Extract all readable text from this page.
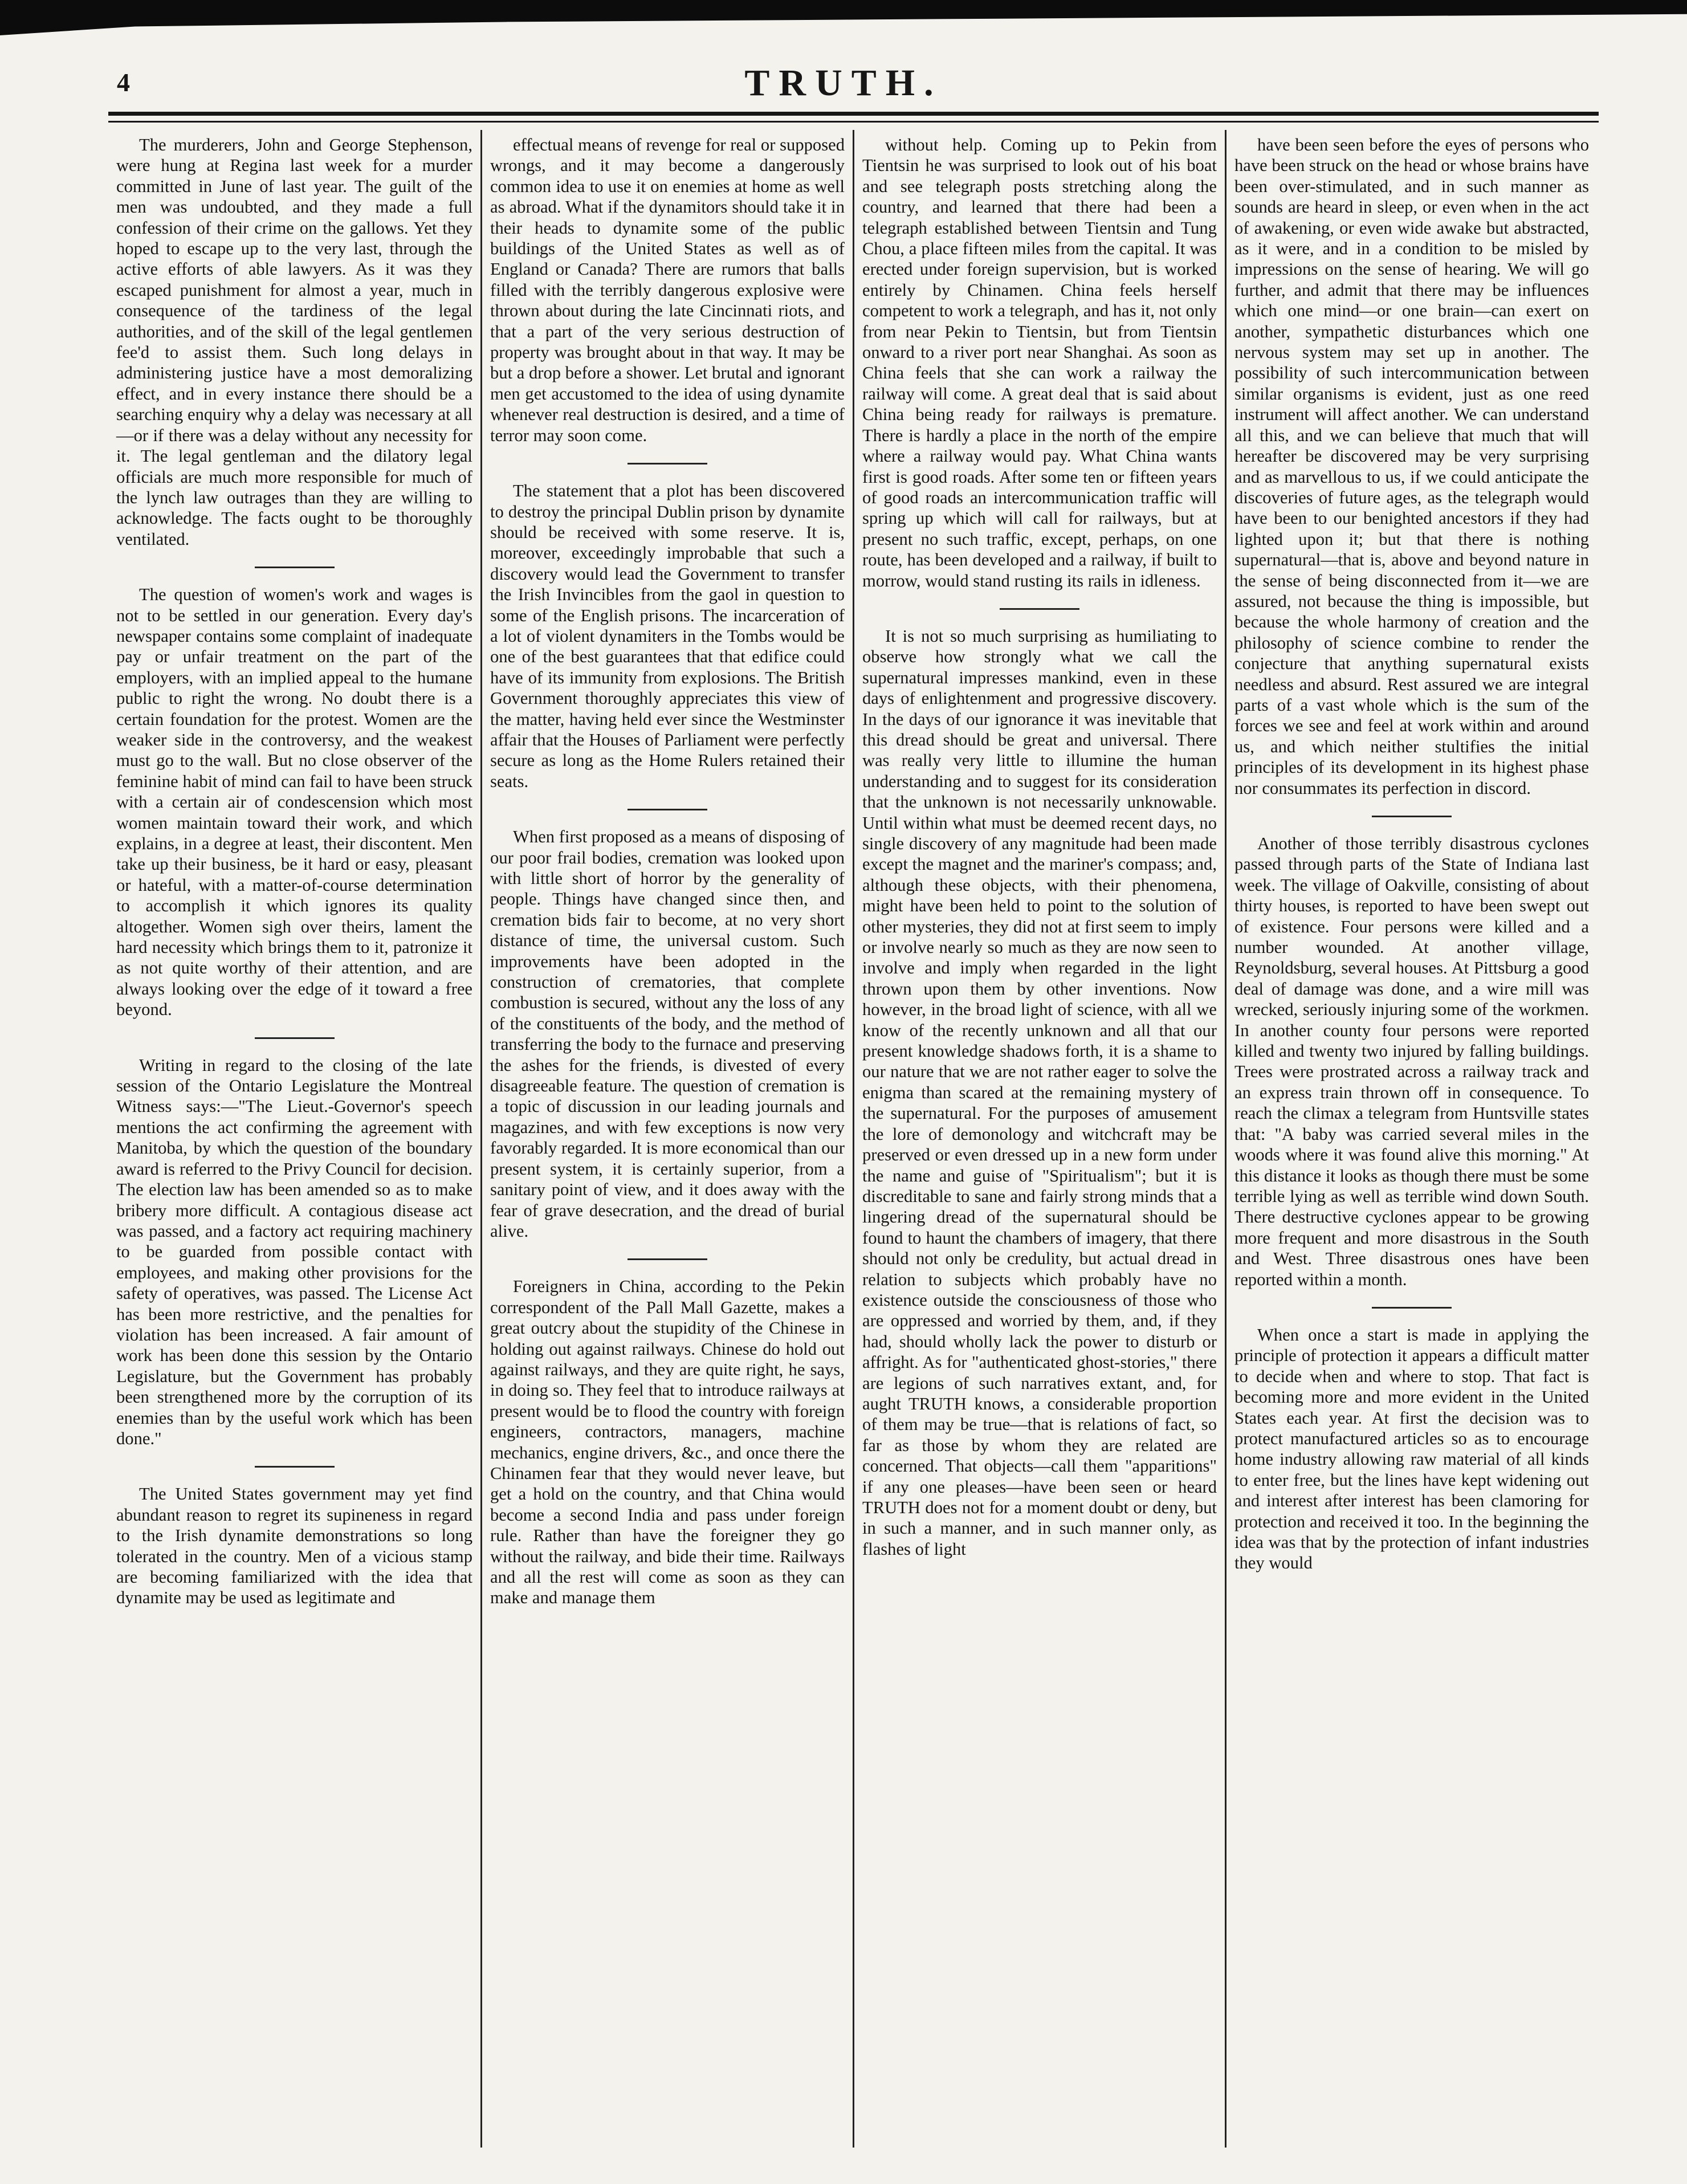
4	TRUTH.

The murderers, John and George Stephenson, were hung at Regina last week for a murder committed in June of last year. The guilt of the men was undoubted, and they made a full confession of their crime on the gallows. Yet they hoped to escape up to the very last, through the active efforts of able lawyers. As it was they escaped punishment for almost a year, much in consequence of the tardiness of the legal authorities, and of the skill of the legal gentlemen fee'd to assist them. Such long delays in administering justice have a most demoralizing effect, and in every instance there should be a searching enquiry why a delay was necessary at all—or if there was a delay without any necessity for it. The legal gentleman and the dilatory legal officials are much more responsible for much of the lynch law outrages than they are willing to acknowledge. The facts ought to be thoroughly ventilated.

The question of women's work and wages is not to be settled in our generation. Every day's newspaper contains some complaint of inadequate pay or unfair treatment on the part of the employers, with an implied appeal to the humane public to right the wrong. No doubt there is a certain foundation for the protest. Women are the weaker side in the controversy, and the weakest must go to the wall. But no close observer of the feminine habit of mind can fail to have been struck with a certain air of condescension which most women maintain toward their work, and which explains, in a degree at least, their discontent. Men take up their business, be it hard or easy, pleasant or hateful, with a matter-of-course determination to accomplish it which ignores its quality altogether. Women sigh over theirs, lament the hard necessity which brings them to it, patronize it as not quite worthy of their attention, and are always looking over the edge of it toward a free beyond.

Writing in regard to the closing of the late session of the Ontario Legislature the Montreal Witness says:—"The Lieut.-Governor's speech mentions the act confirming the agreement with Manitoba, by which the question of the boundary award is referred to the Privy Council for decision. The election law has been amended so as to make bribery more difficult. A contagious disease act was passed, and a factory act requiring machinery to be guarded from possible contact with employees, and making other provisions for the safety of operatives, was passed. The License Act has been more restrictive, and the penalties for violation has been increased. A fair amount of work has been done this session by the Ontario Legislature, but the Government has probably been strengthened more by the corruption of its enemies than by the useful work which has been done."

The United States government may yet find abundant reason to regret its supineness in regard to the Irish dynamite demonstrations so long tolerated in the country. Men of a vicious stamp are becoming familiarized with the idea that dynamite may be used as legitimate and

effectual means of revenge for real or supposed wrongs, and it may become a dangerously common idea to use it on enemies at home as well as abroad. What if the dynamitors should take it in their heads to dynamite some of the public buildings of the United States as well as of England or Canada? There are rumors that balls filled with the terribly dangerous explosive were thrown about during the late Cincinnati riots, and that a part of the very serious destruction of property was brought about in that way. It may be but a drop before a shower. Let brutal and ignorant men get accustomed to the idea of using dynamite whenever real destruction is desired, and a time of terror may soon come.

The statement that a plot has been discovered to destroy the principal Dublin prison by dynamite should be received with some reserve. It is, moreover, exceedingly improbable that such a discovery would lead the Government to transfer the Irish Invincibles from the gaol in question to some of the English prisons. The incarceration of a lot of violent dynamiters in the Tombs would be one of the best guarantees that that edifice could have of its immunity from explosions. The British Government thoroughly appreciates this view of the matter, having held ever since the Westminster affair that the Houses of Parliament were perfectly secure as long as the Home Rulers retained their seats.

When first proposed as a means of disposing of our poor frail bodies, cremation was looked upon with little short of horror by the generality of people. Things have changed since then, and cremation bids fair to become, at no very short distance of time, the universal custom. Such improvements have been adopted in the construction of crematories, that complete combustion is secured, without any the loss of any of the constituents of the body, and the method of transferring the body to the furnace and preserving the ashes for the friends, is divested of every disagreeable feature. The question of cremation is a topic of discussion in our leading journals and magazines, and with few exceptions is now very favorably regarded. It is more economical than our present system, it is certainly superior, from a sanitary point of view, and it does away with the fear of grave desecration, and the dread of burial alive.

Foreigners in China, according to the Pekin correspondent of the Pall Mall Gazette, makes a great outcry about the stupidity of the Chinese in holding out against railways. Chinese do hold out against railways, and they are quite right, he says, in doing so. They feel that to introduce railways at present would be to flood the country with foreign engineers, contractors, managers, machine mechanics, engine drivers, &c., and once there the Chinamen fear that they would never leave, but get a hold on the country, and that China would become a second India and pass under foreign rule. Rather than have the foreigner they go without the railway, and bide their time. Railways and all the rest will come as soon as they can make and manage them

without help. Coming up to Pekin from Tientsin he was surprised to look out of his boat and see telegraph posts stretching along the country, and learned that there had been a telegraph established between Tientsin and Tung Chou, a place fifteen miles from the capital. It was erected under foreign supervision, but is worked entirely by Chinamen. China feels herself competent to work a telegraph, and has it, not only from near Pekin to Tientsin, but from Tientsin onward to a river port near Shanghai. As soon as China feels that she can work a railway the railway will come. A great deal that is said about China being ready for railways is premature. There is hardly a place in the north of the empire where a railway would pay. What China wants first is good roads. After some ten or fifteen years of good roads an intercommunication traffic will spring up which will call for railways, but at present no such traffic, except, perhaps, on one route, has been developed and a railway, if built to morrow, would stand rusting its rails in idleness.

It is not so much surprising as humiliating to observe how strongly what we call the supernatural impresses mankind, even in these days of enlightenment and progressive discovery. In the days of our ignorance it was inevitable that this dread should be great and universal. There was really very little to illumine the human understanding and to suggest for its consideration that the unknown is not necessarily unknowable. Until within what must be deemed recent days, no single discovery of any magnitude had been made except the magnet and the mariner's compass; and, although these objects, with their phenomena, might have been held to point to the solution of other mysteries, they did not at first seem to imply or involve nearly so much as they are now seen to involve and imply when regarded in the light thrown upon them by other inventions. Now however, in the broad light of science, with all we know of the recently unknown and all that our present knowledge shadows forth, it is a shame to our nature that we are not rather eager to solve the enigma than scared at the remaining mystery of the supernatural. For the purposes of amusement the lore of demonology and witchcraft may be preserved or even dressed up in a new form under the name and guise of "Spiritualism"; but it is discreditable to sane and fairly strong minds that a lingering dread of the supernatural should be found to haunt the chambers of imagery, that there should not only be credulity, but actual dread in relation to subjects which probably have no existence outside the consciousness of those who are oppressed and worried by them, and, if they had, should wholly lack the power to disturb or affright. As for "authenticated ghost-stories," there are legions of such narratives extant, and, for aught TRUTH knows, a considerable proportion of them may be true—that is relations of fact, so far as those by whom they are related are concerned. That objects—call them "apparitions" if any one pleases—have been seen or heard TRUTH does not for a moment doubt or deny, but in such a manner, and in such manner only, as flashes of light

have been seen before the eyes of persons who have been struck on the head or whose brains have been over-stimulated, and in such manner as sounds are heard in sleep, or even when in the act of awakening, or even wide awake but abstracted, as it were, and in a condition to be misled by impressions on the sense of hearing. We will go further, and admit that there may be influences which one mind—or one brain—can exert on another, sympathetic disturbances which one nervous system may set up in another. The possibility of such intercommunication between similar organisms is evident, just as one reed instrument will affect another. We can understand all this, and we can believe that much that will hereafter be discovered may be very surprising and as marvellous to us, if we could anticipate the discoveries of future ages, as the telegraph would have been to our benighted ancestors if they had lighted upon it; but that there is nothing supernatural—that is, above and beyond nature in the sense of being disconnected from it—we are assured, not because the thing is impossible, but because the whole harmony of creation and the philosophy of science combine to render the conjecture that anything supernatural exists needless and absurd. Rest assured we are integral parts of a vast whole which is the sum of the forces we see and feel at work within and around us, and which neither stultifies the initial principles of its development in its highest phase nor consummates its perfection in discord.

Another of those terribly disastrous cyclones passed through parts of the State of Indiana last week. The village of Oakville, consisting of about thirty houses, is reported to have been swept out of existence. Four persons were killed and a number wounded. At another village, Reynoldsburg, several houses. At Pittsburg a good deal of damage was done, and a wire mill was wrecked, seriously injuring some of the workmen. In another county four persons were reported killed and twenty two injured by falling buildings. Trees were prostrated across a railway track and an express train thrown off in consequence. To reach the climax a telegram from Huntsville states that: "A baby was carried several miles in the woods where it was found alive this morning." At this distance it looks as though there must be some terrible lying as well as terrible wind down South. There destructive cyclones appear to be growing more frequent and more disastrous in the South and West. Three disastrous ones have been reported within a month.

When once a start is made in applying the principle of protection it appears a difficult matter to decide when and where to stop. That fact is becoming more and more evident in the United States each year. At first the decision was to protect manufactured articles so as to encourage home industry allowing raw material of all kinds to enter free, but the lines have kept widening out and interest after interest has been clamoring for protection and received it too. In the beginning the idea was that by the protection of infant industries they would
